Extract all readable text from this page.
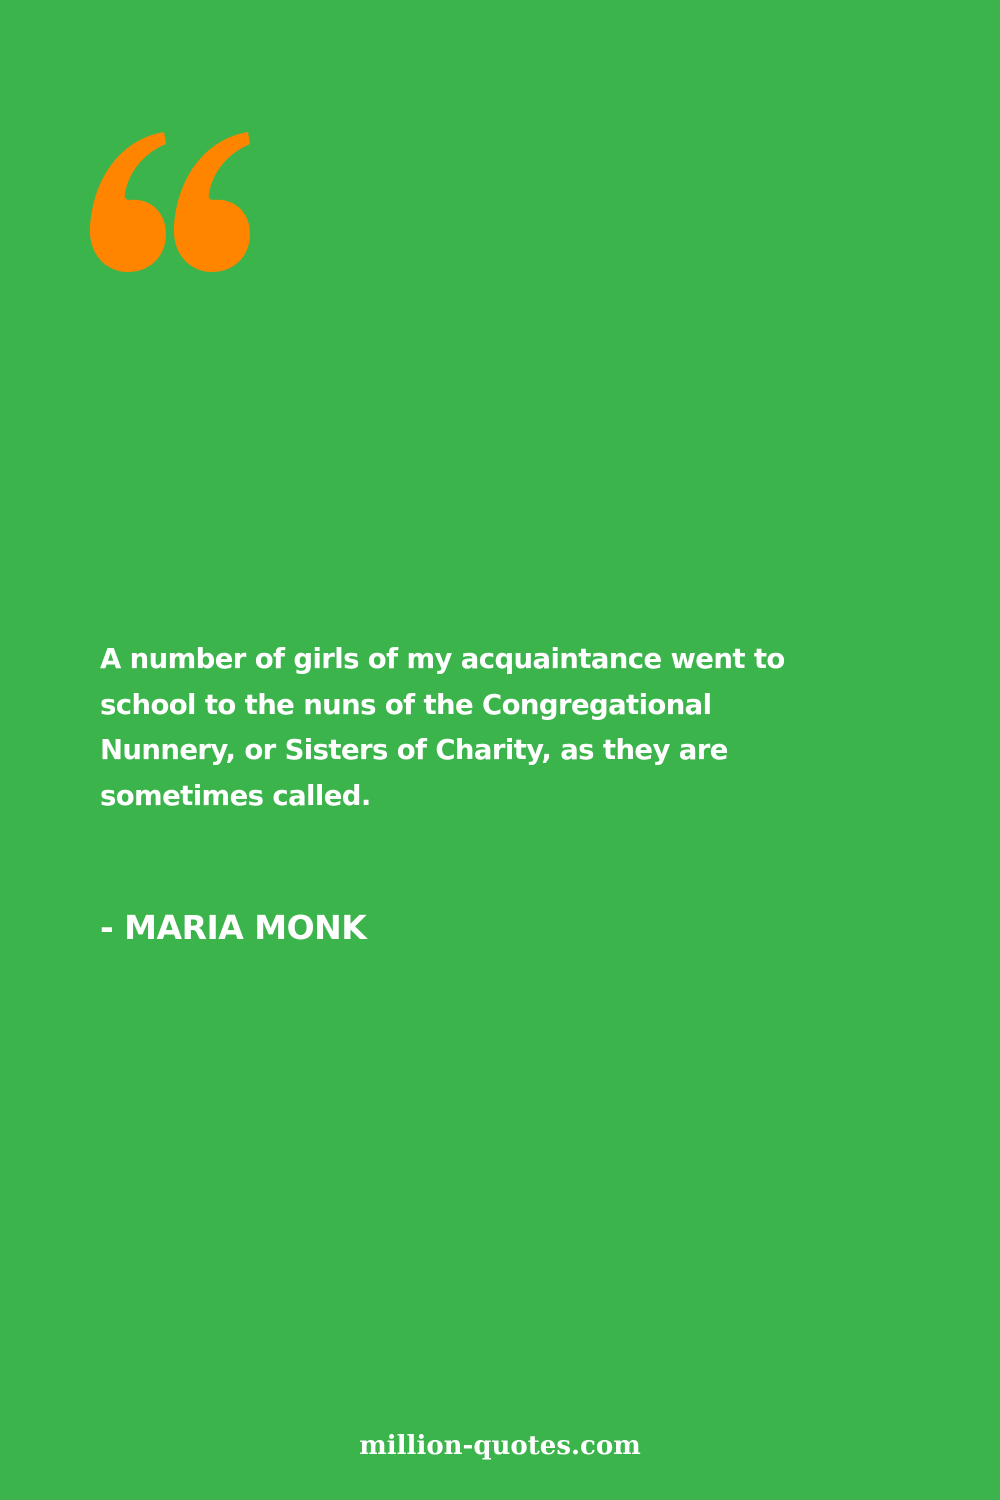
A number of girls of my acquaintance went to school to the nuns of the Congregational Nunnery, or Sisters of Charity, as they are sometimes called.

- MARIA MONK

million-quotes.com
